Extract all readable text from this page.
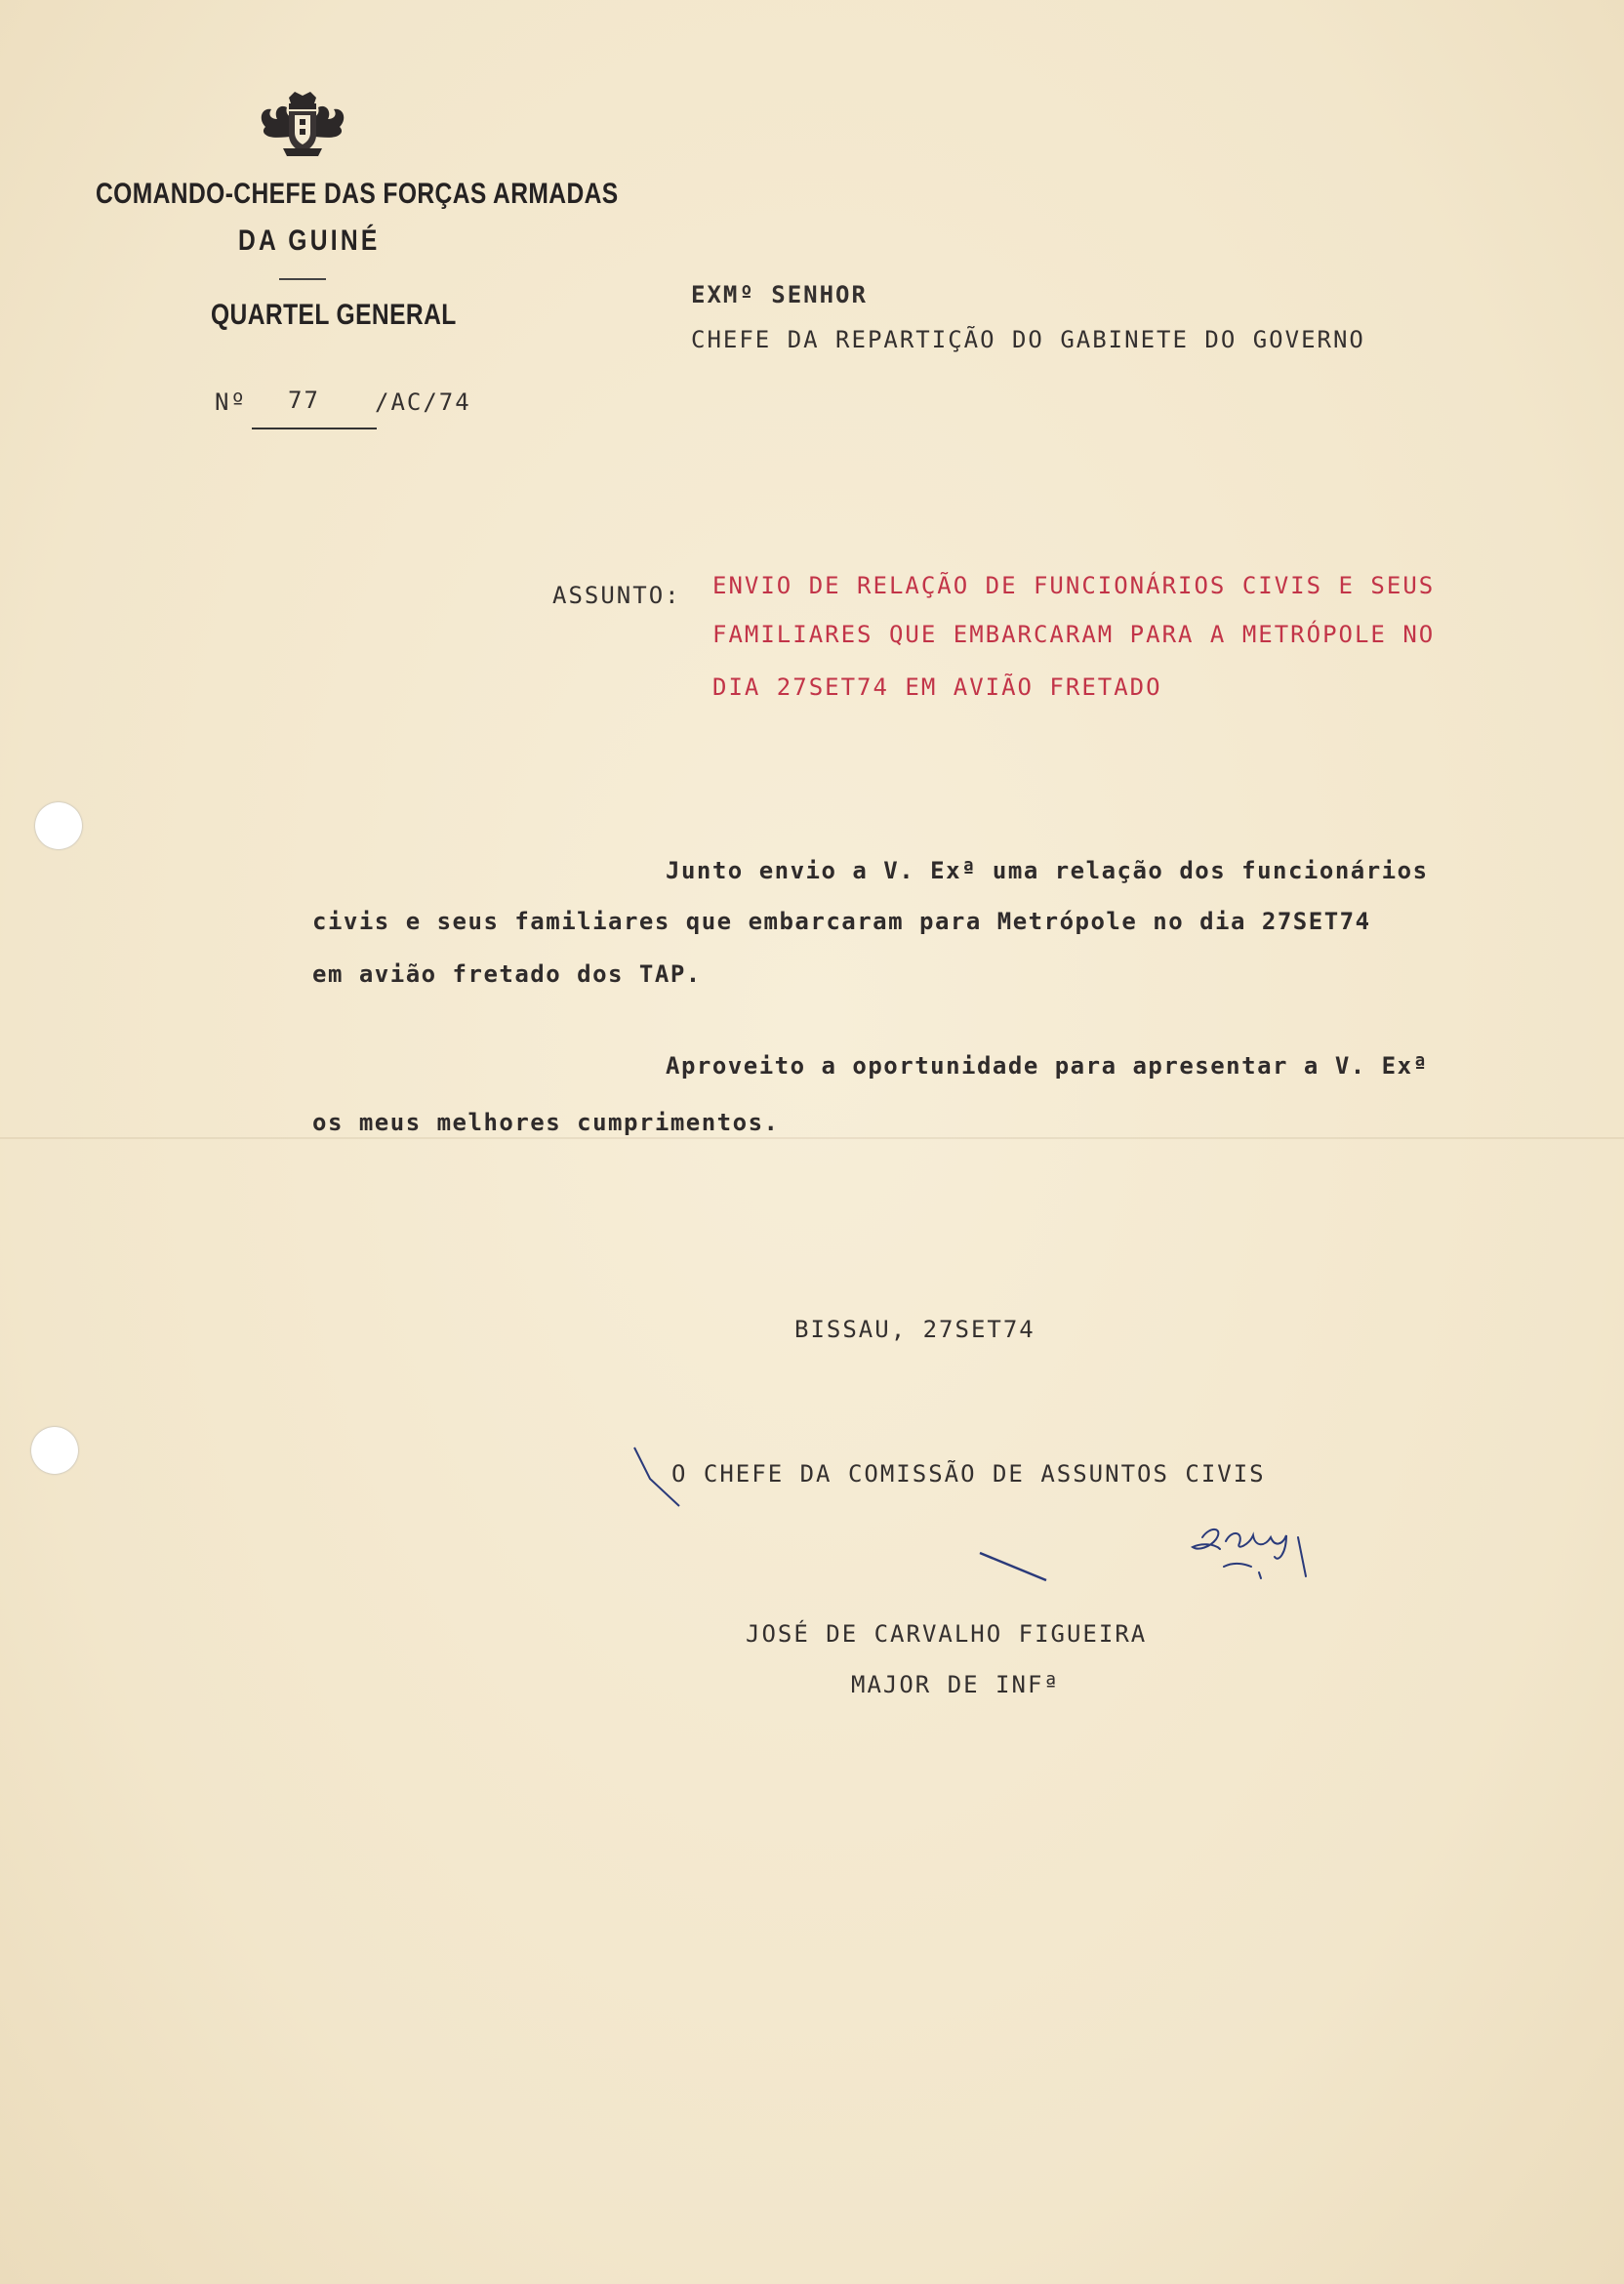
COMANDO-CHEFE DAS FORÇAS ARMADAS
DA GUINÉ
QUARTEL GENERAL
Nº 77 /AC/74
EXMº SENHOR
CHEFE DA REPARTIÇÃO DO GABINETE DO GOVERNO
ASSUNTO: ENVIO DE RELAÇÃO DE FUNCIONÁRIOS CIVIS E SEUS
FAMILIARES QUE EMBARCARAM PARA A METRÓPOLE NO
DIA 27SET74 EM AVIÃO FRETADO
Junto envio a V. Exª uma relação dos funcionários
civis e seus familiares que embarcaram para Metrópole no dia 27SET74
em avião fretado dos TAP.
Aproveito a oportunidade para apresentar a V. Exª
os meus melhores cumprimentos.
BISSAU, 27SET74
O CHEFE DA COMISSÃO DE ASSUNTOS CIVIS
JOSÉ DE CARVALHO FIGUEIRA
MAJOR DE INFª
